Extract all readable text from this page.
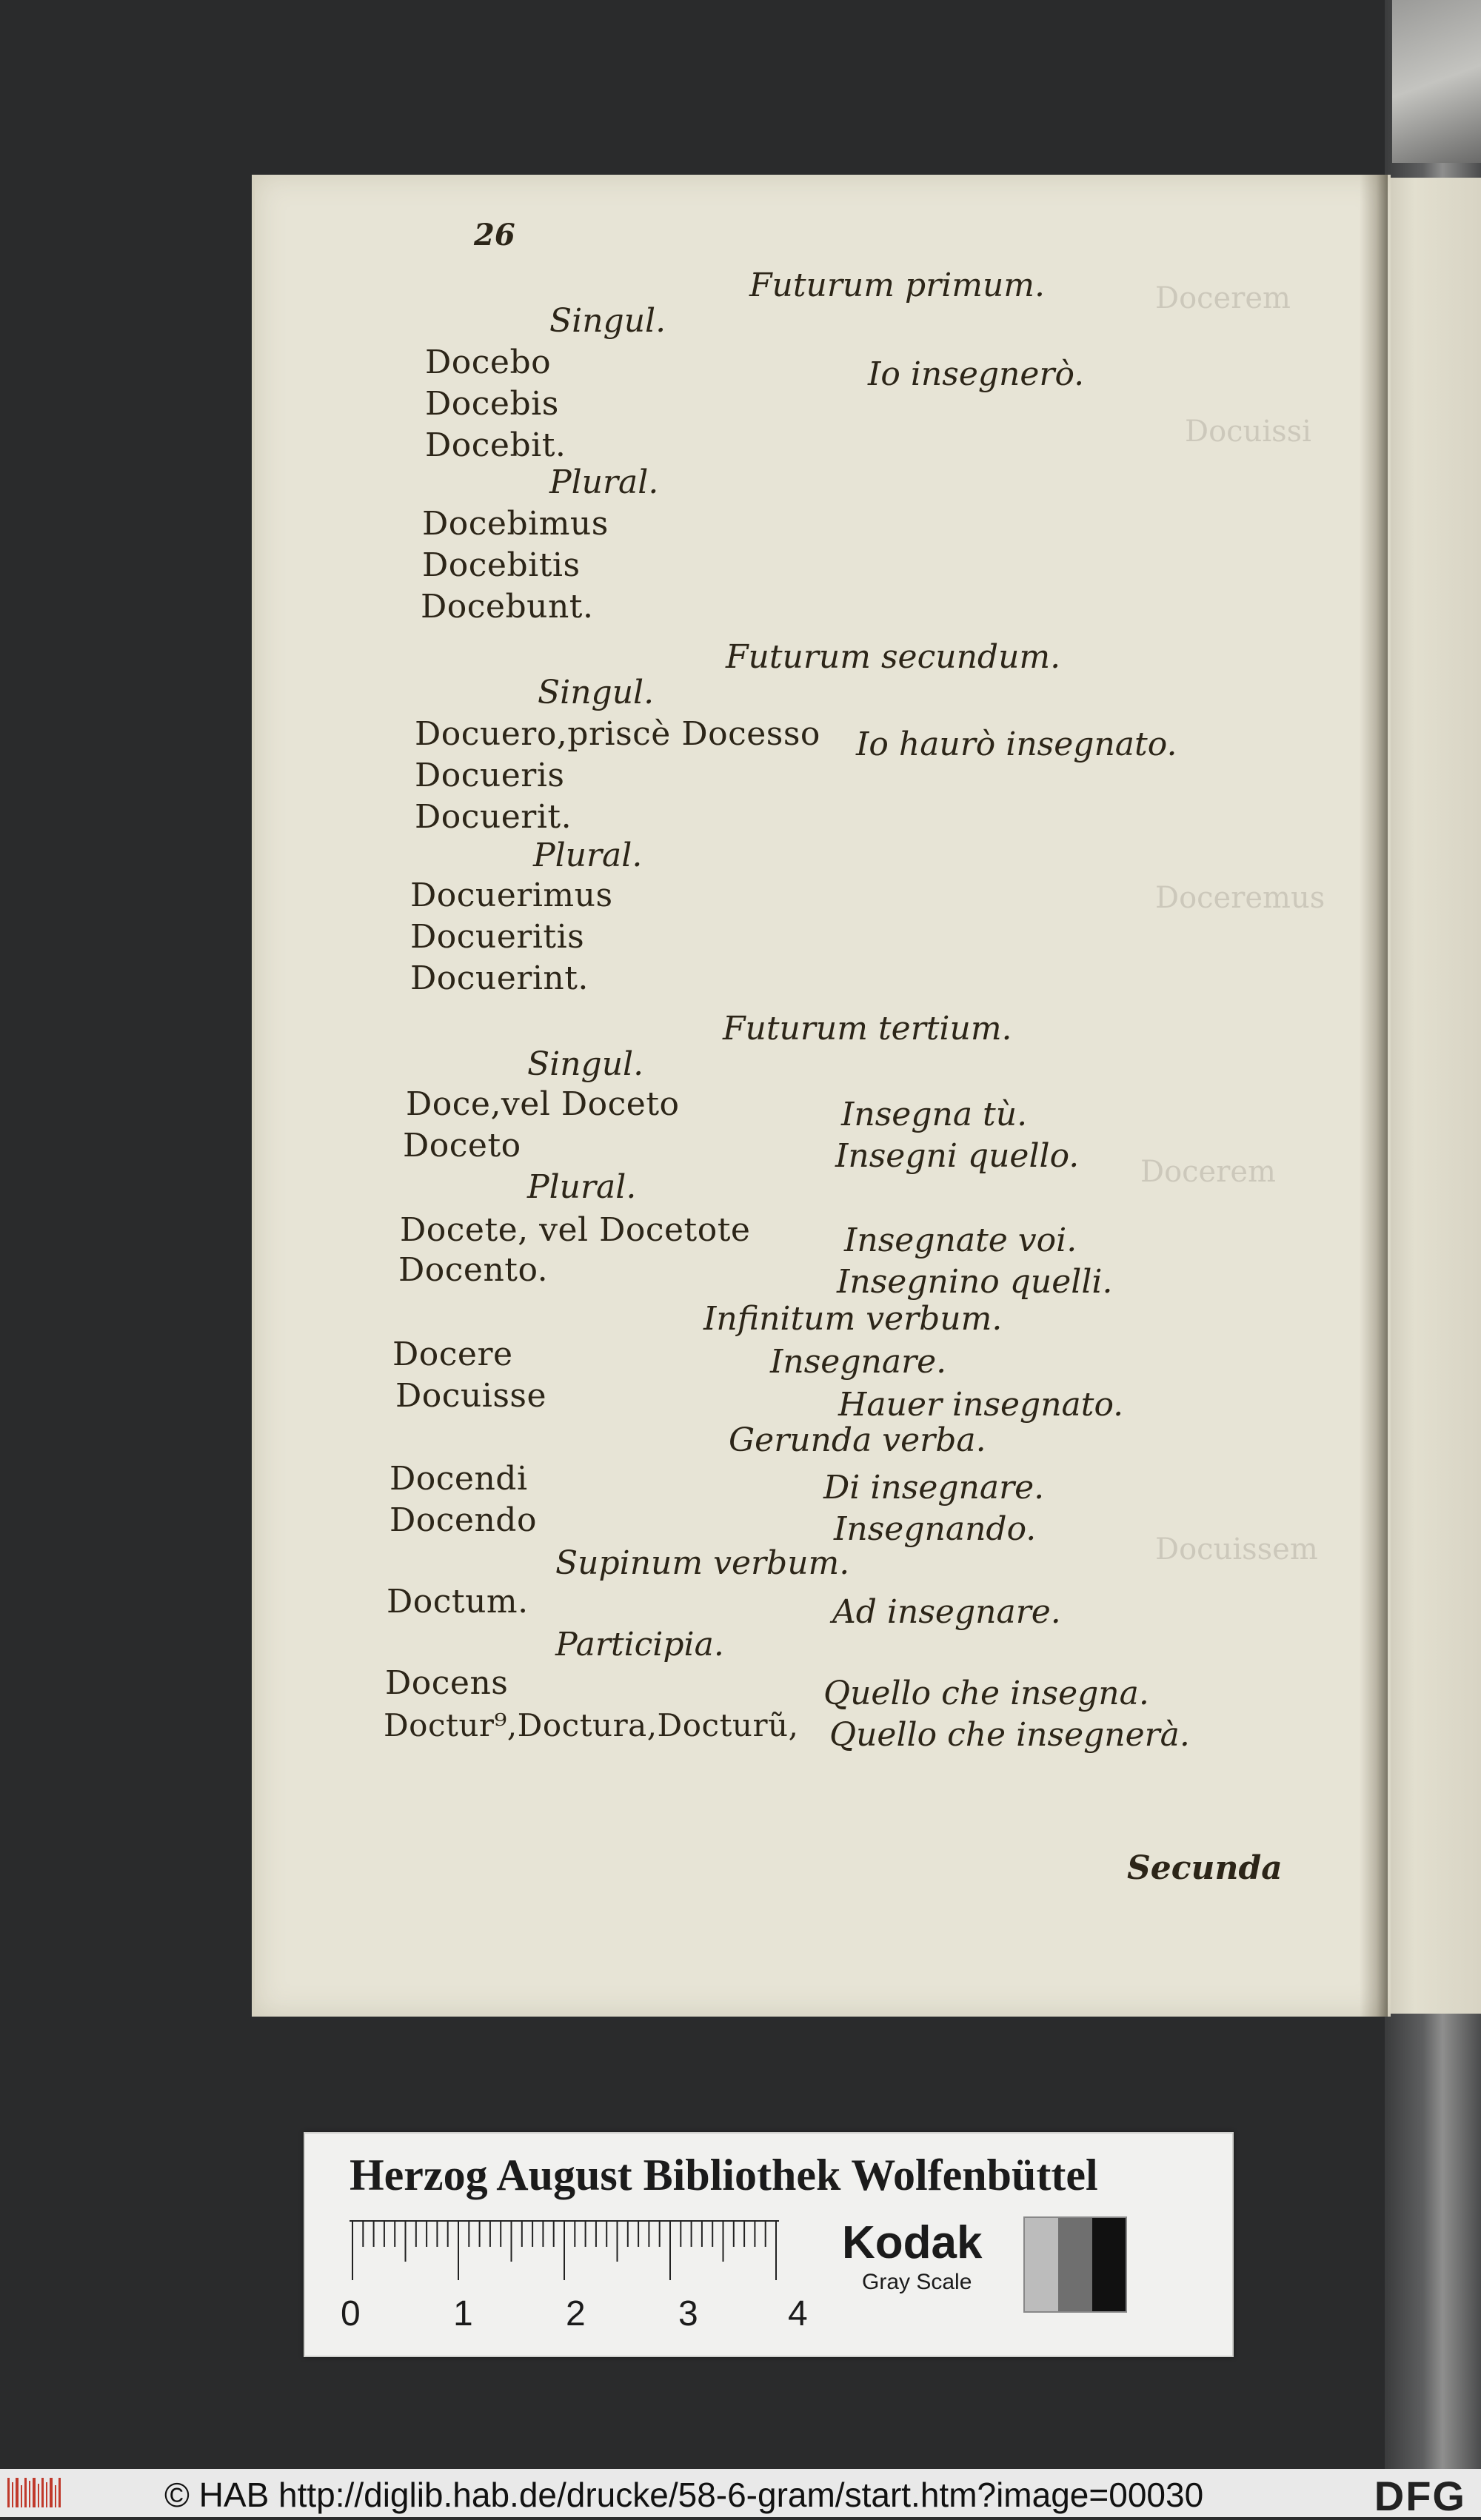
Docerem
Docuissi
Doceremus
Docerem
Docuissem
26
Futurum primum.
Singul.
Docebo	Io insegnerò.
Docebis
Docebit.
Plural.
Docebimus
Docebitis
Docebunt.
Futurum secundum.
Singul.
Docuero,priscè Docesso Io haurò insegnato.
Docueris
Docuerit.
Plural.
Docuerimus
Docueritis
Docuerint.
Futurum tertium.
Singul.
Doce,vel Doceto	Insegna tù.
Doceto	Insegni quello.
Plural.
Docete, vel Docetote	Insegnate voi.
Docento.	Insegnino quelli.
Infinitum verbum.
Docere	Insegnare.
Docuisse	Hauer insegnato.
Gerunda verba.
Docendi	Di insegnare.
Docendo	Insegnando.
Supinum verbum.
Doctum.	Ad insegnare.
Participia.
Docens	Quello che insegna.
Doctur⁹,Doctura,Docturũ, Quello che insegnerà.
Secunda
Herzog August Bibliothek Wolfenbüttel
0	1	2	3	4
Kodak
Gray Scale
© HAB http://diglib.hab.de/drucke/58-6-gram/start.htm?image=00030	DFG
